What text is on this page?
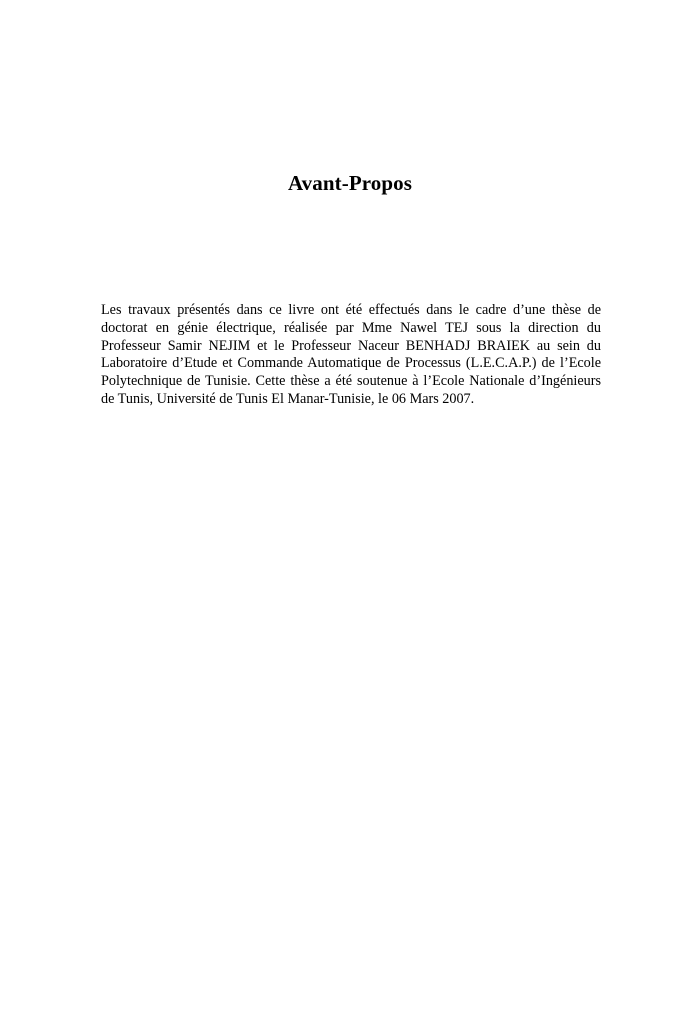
Avant-Propos

Les travaux présentés dans ce livre ont été effectués dans le cadre d’une thèse de
doctorat en génie électrique, réalisée par Mme Nawel TEJ sous la direction du
Professeur Samir NEJIM et le Professeur Naceur BENHADJ BRAIEK au sein du
Laboratoire d’Etude et Commande Automatique de Processus (L.E.C.A.P.) de l’Ecole
Polytechnique de Tunisie. Cette thèse a été soutenue à l’Ecole Nationale d’Ingénieurs
de Tunis, Université de Tunis El Manar-Tunisie, le 06 Mars 2007.
